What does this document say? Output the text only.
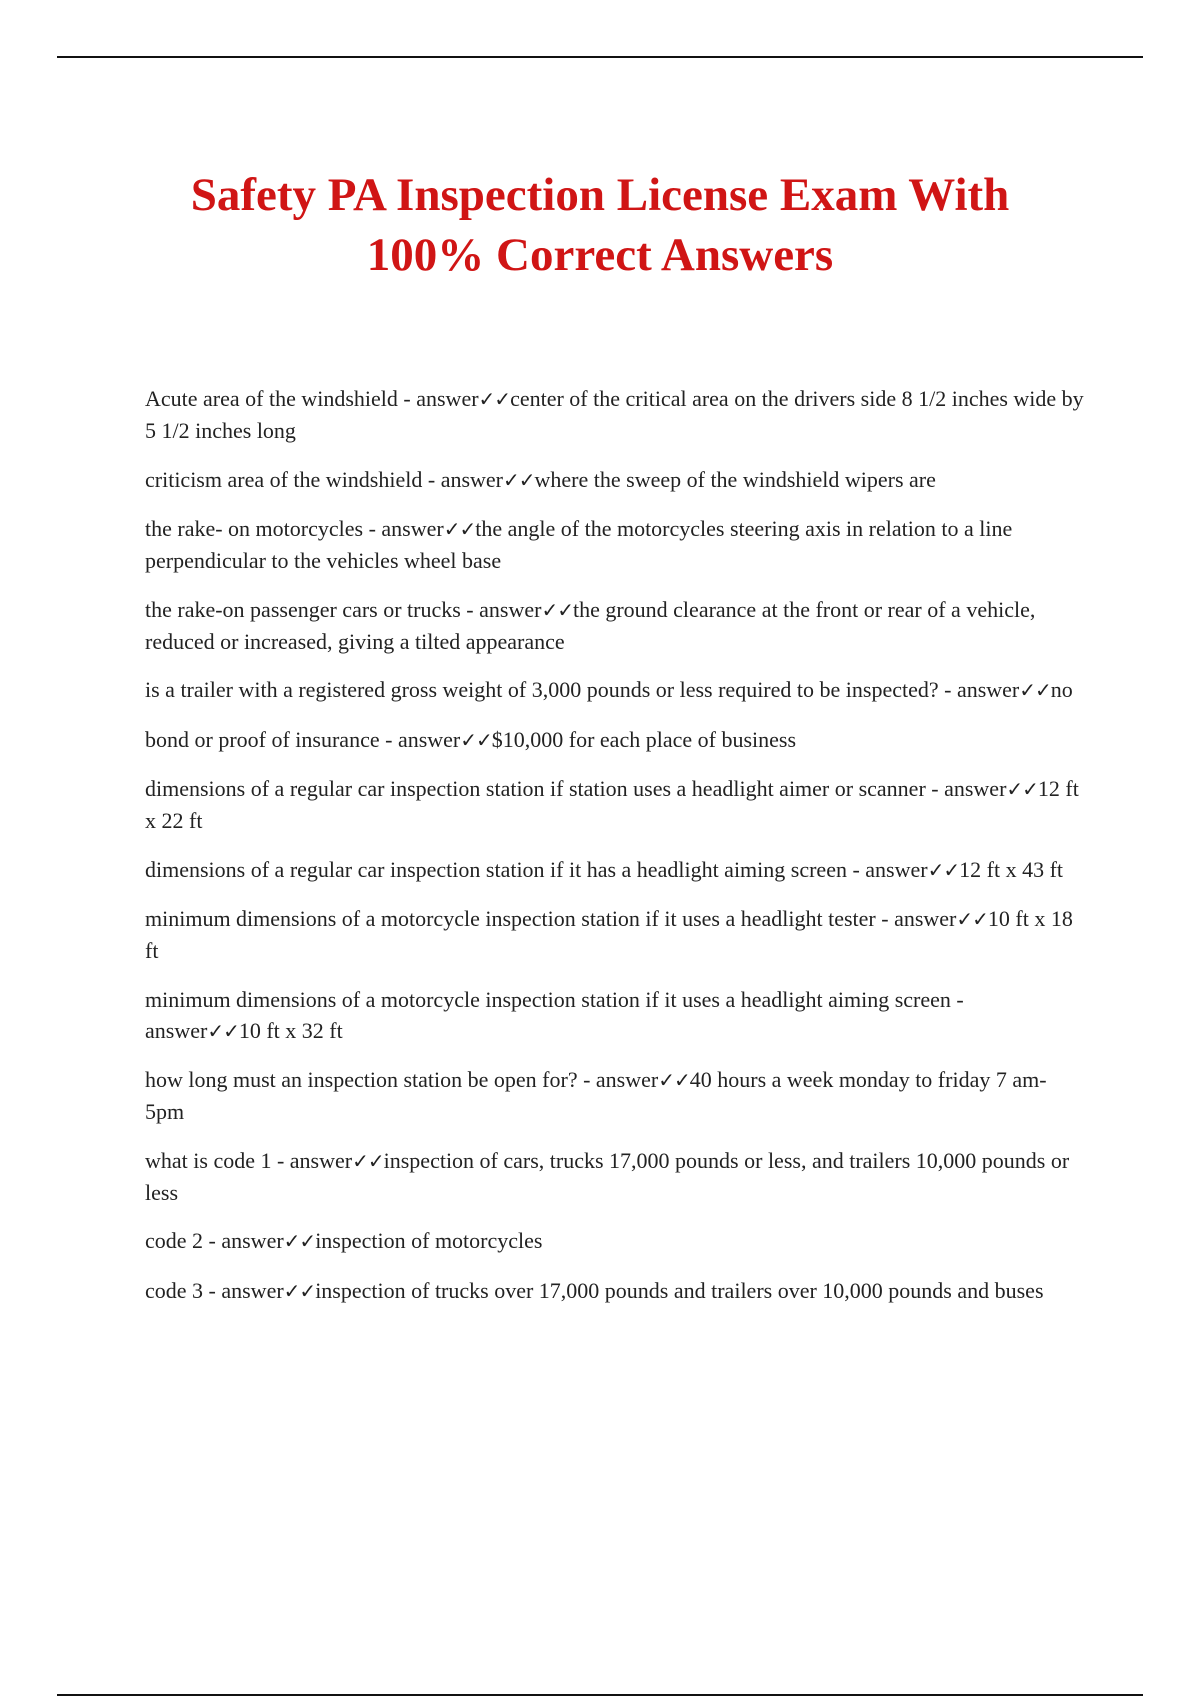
Safety PA Inspection License Exam With
100% Correct Answers
Acute area of the windshield - answer✓✓center of the critical area on the drivers side 8 1/2 inches wide by 5 1/2 inches long
criticism area of the windshield - answer✓✓where the sweep of the windshield wipers are
the rake- on motorcycles - answer✓✓the angle of the motorcycles steering axis in relation to a line perpendicular to the vehicles wheel base
the rake-on passenger cars or trucks - answer✓✓the ground clearance at the front or rear of a vehicle, reduced or increased, giving a tilted appearance
is a trailer with a registered gross weight of 3,000 pounds or less required to be inspected? - answer✓✓no
bond or proof of insurance - answer✓✓$10,000 for each place of business
dimensions of a regular car inspection station if station uses a headlight aimer or scanner - answer✓✓12 ft x 22 ft
dimensions of a regular car inspection station if it has a headlight aiming screen - answer✓✓12 ft x 43 ft
minimum dimensions of a motorcycle inspection station if it uses a headlight tester - answer✓✓10 ft x 18 ft
minimum dimensions of a motorcycle inspection station if it uses a headlight aiming screen - answer✓✓10 ft x 32 ft
how long must an inspection station be open for? - answer✓✓40 hours a week monday to friday 7 am- 5pm
what is code 1 - answer✓✓inspection of cars, trucks 17,000 pounds or less, and trailers 10,000 pounds or less
code 2 - answer✓✓inspection of motorcycles
code 3 - answer✓✓inspection of trucks over 17,000 pounds and trailers over 10,000 pounds and buses
